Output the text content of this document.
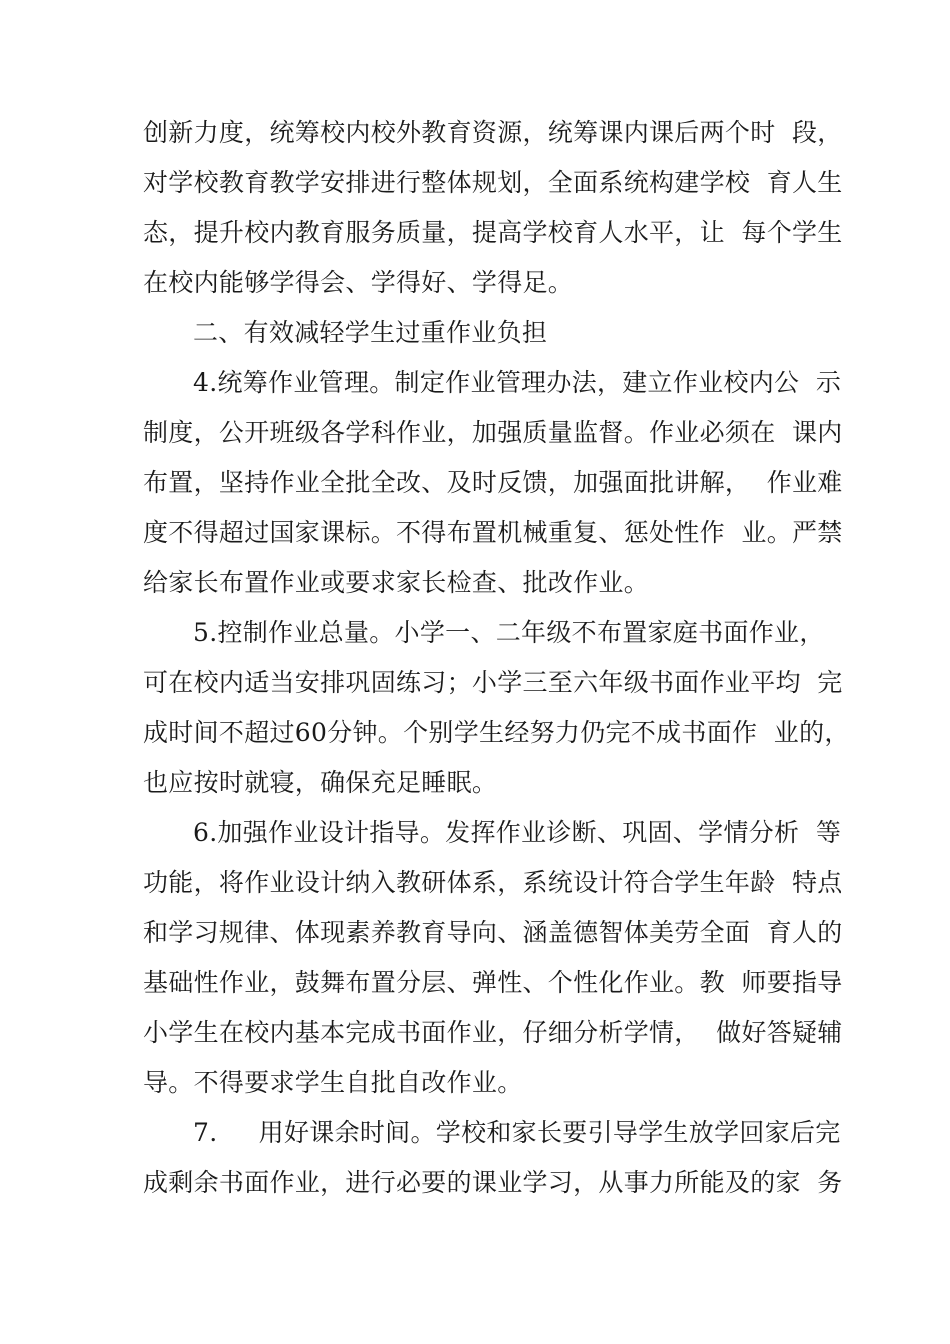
创新力度，统筹校内校外教育资源，统筹课内课后两个时  段，
对学校教育教学安排进行整体规划，全面系统构建学校  育人生
态，提升校内教育服务质量，提高学校育人水平，让  每个学生
在校内能够学得会、学得好、学得足。
二、有效减轻学生过重作业负担
4.统筹作业管理。制定作业管理办法，建立作业校内公  示
制度，公开班级各学科作业，加强质量监督。作业必须在  课内
布置，坚持作业全批全改、及时反馈，加强面批讲解，  作业难
度不得超过国家课标。不得布置机械重复、惩处性作  业。严禁
给家长布置作业或要求家长检查、批改作业。
5.控制作业总量。小学一、二年级不布置家庭书面作业，
可在校内适当安排巩固练习；小学三至六年级书面作业平均  完
成时间不超过60分钟。个别学生经努力仍完不成书面作  业的，
也应按时就寝，确保充足睡眠。
6.加强作业设计指导。发挥作业诊断、巩固、学情分析  等
功能，将作业设计纳入教研体系，系统设计符合学生年龄  特点
和学习规律、体现素养教育导向、涵盖德智体美劳全面  育人的
基础性作业，鼓舞布置分层、弹性、个性化作业。教  师要指导
小学生在校内基本完成书面作业，仔细分析学情，  做好答疑辅
导。不得要求学生自批自改作业。
7.     用好课余时间。学校和家长要引导学生放学回家后完
成剩余书面作业，进行必要的课业学习，从事力所能及的家  务
